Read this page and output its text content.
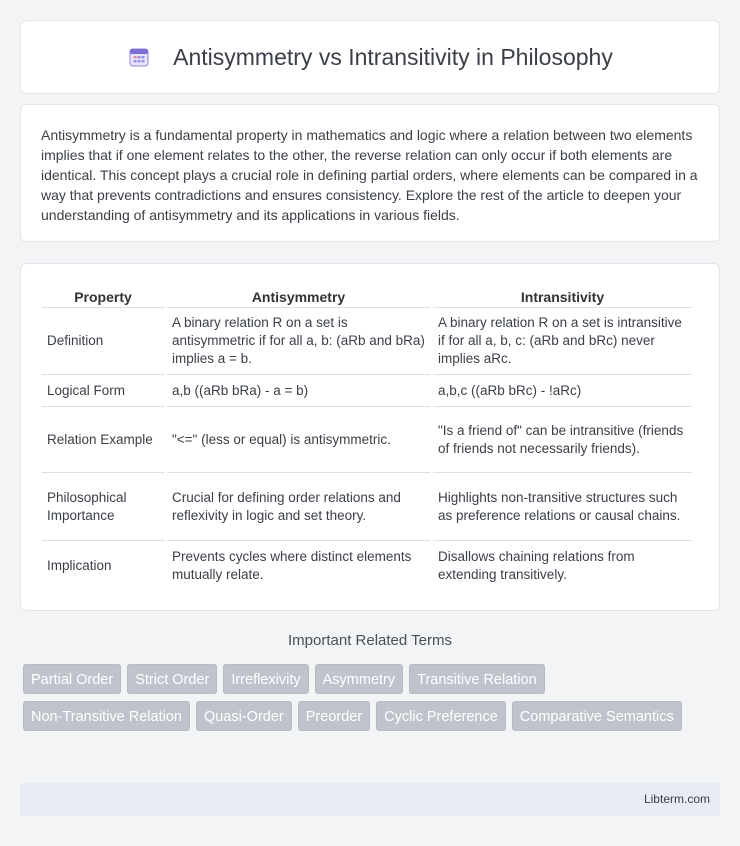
Antisymmetry vs Intransitivity in Philosophy

Antisymmetry is a fundamental property in mathematics and logic where a relation between two elements implies that if one element relates to the other, the reverse relation can only occur if both elements are identical. This concept plays a crucial role in defining partial orders, where elements can be compared in a way that prevents contradictions and ensures consistency. Explore the rest of the article to deepen your understanding of antisymmetry and its applications in various fields.

Property	Antisymmetry	Intransitivity
Definition	A binary relation R on a set is antisymmetric if for all a, b: (aRb and bRa) implies a = b.	A binary relation R on a set is intransitive if for all a, b, c: (aRb and bRc) never implies aRc.
Logical Form	a,b ((aRb bRa) - a = b)	a,b,c ((aRb bRc) - !aRc)
Relation Example	"<=" (less or equal) is antisymmetric.	"Is a friend of" can be intransitive (friends of friends not necessarily friends).
Philosophical Importance	Crucial for defining order relations and reflexivity in logic and set theory.	Highlights non-transitive structures such as preference relations or causal chains.
Implication	Prevents cycles where distinct elements mutually relate.	Disallows chaining relations from extending transitively.
Important Related Terms
Partial Order	Strict Order	Irreflexivity	Asymmetry	Transitive Relation
Non-Transitive Relation	Quasi-Order	Preorder	Cyclic Preference	Comparative Semantics
Libterm.com
